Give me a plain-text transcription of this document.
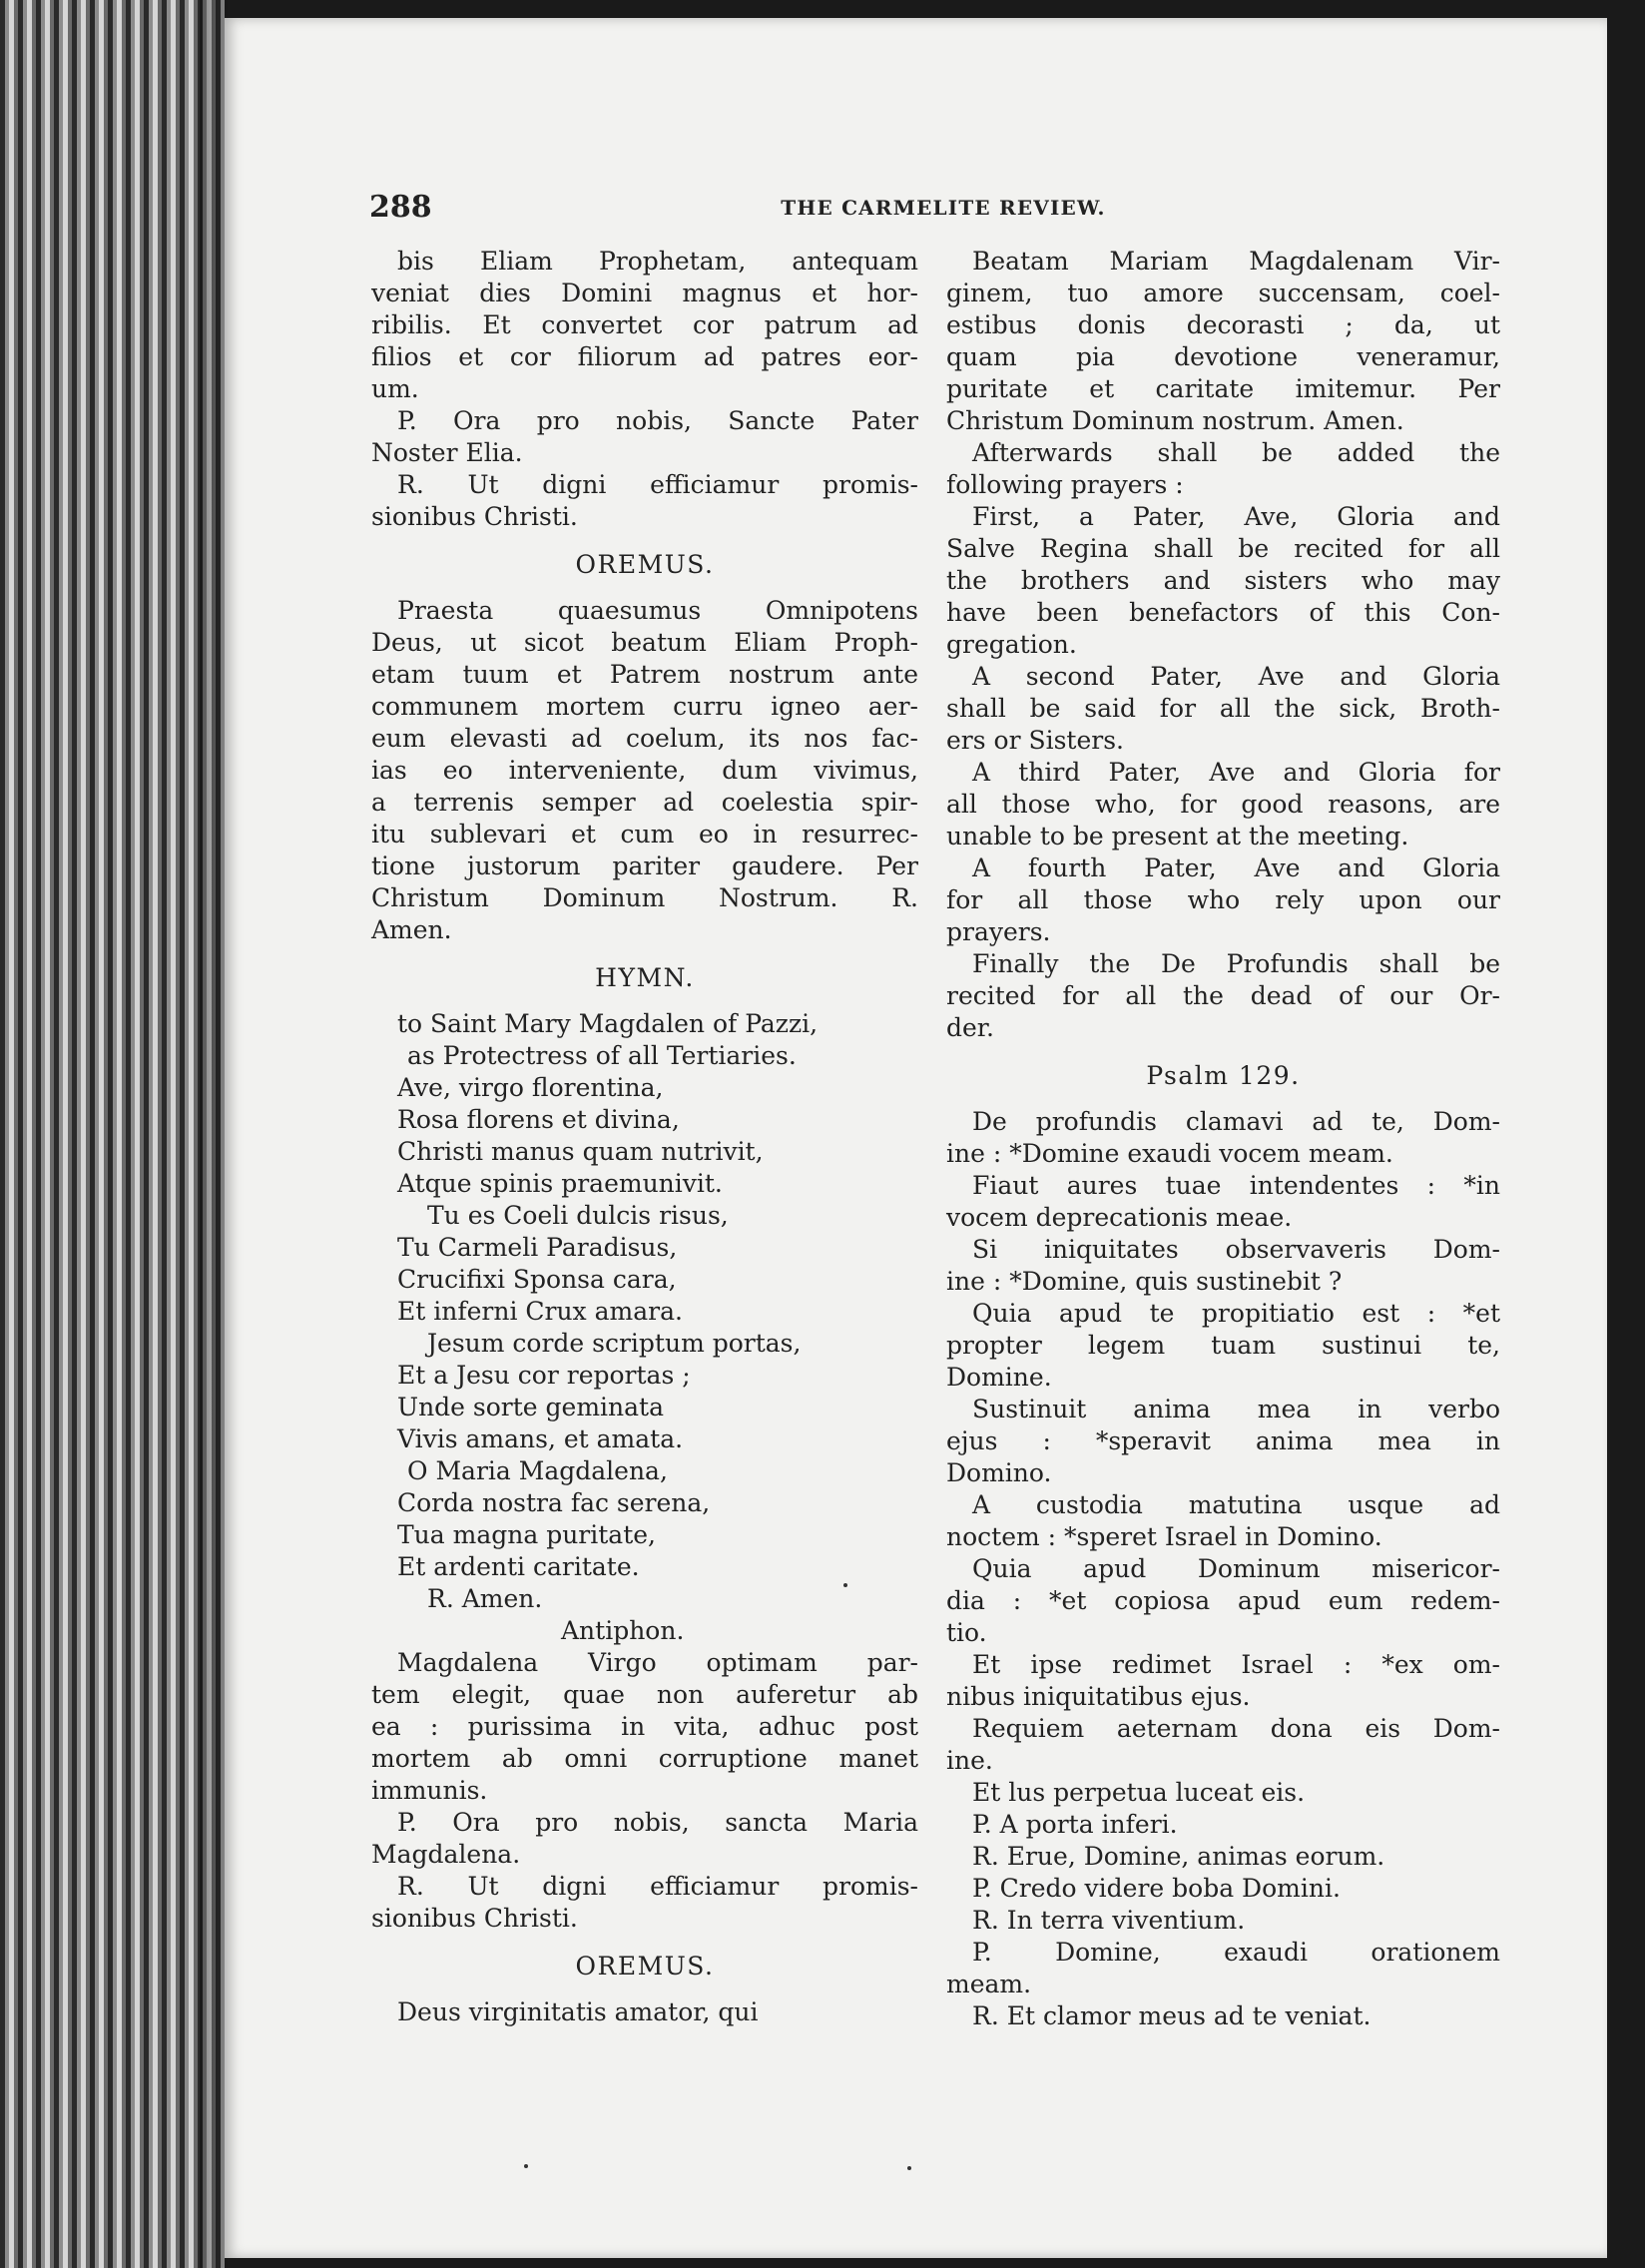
288	THE CARMELITE REVIEW.
bis Eliam Prophetam, antequam
veniat dies Domini magnus et hor-
ribilis. Et convertet cor patrum ad
filios et cor filiorum ad patres eor-
um.
P. Ora pro nobis, Sancte Pater
Noster Elia.
R. Ut digni efficiamur promis-
sionibus Christi.
OREMUS.
Praesta quaesumus Omnipotens
Deus, ut sicot beatum Eliam Proph-
etam tuum et Patrem nostrum ante
communem mortem curru igneo aer-
eum elevasti ad coelum, its nos fac-
ias eo interveniente, dum vivimus,
a terrenis semper ad coelestia spir-
itu sublevari et cum eo in resurrec-
tione justorum pariter gaudere. Per
Christum Dominum Nostrum. R.
Amen.
HYMN.
to Saint Mary Magdalen of Pazzi,
as Protectress of all Tertiaries.
Ave, virgo florentina,
Rosa florens et divina,
Christi manus quam nutrivit,
Atque spinis praemunivit.
Tu es Coeli dulcis risus,
Tu Carmeli Paradisus,
Crucifixi Sponsa cara,
Et inferni Crux amara.
Jesum corde scriptum portas,
Et a Jesu cor reportas ;
Unde sorte geminata
Vivis amans, et amata.
O Maria Magdalena,
Corda nostra fac serena,
Tua magna puritate,
Et ardenti caritate.
R. Amen.
Antiphon.
Magdalena Virgo optimam par-
tem elegit, quae non auferetur ab
ea : purissima in vita, adhuc post
mortem ab omni corruptione manet
immunis.
P. Ora pro nobis, sancta Maria
Magdalena.
R. Ut digni efficiamur promis-
sionibus Christi.
OREMUS.
Deus virginitatis amator, qui
Beatam Mariam Magdalenam Vir-
ginem, tuo amore succensam, coel-
estibus donis decorasti ; da, ut
quam pia devotione veneramur,
puritate et caritate imitemur. Per
Christum Dominum nostrum. Amen.
Afterwards shall be added the
following prayers :
First, a Pater, Ave, Gloria and
Salve Regina shall be recited for all
the brothers and sisters who may
have been benefactors of this Con-
gregation.
A second Pater, Ave and Gloria
shall be said for all the sick, Broth-
ers or Sisters.
A third Pater, Ave and Gloria for
all those who, for good reasons, are
unable to be present at the meeting.
A fourth Pater, Ave and Gloria
for all those who rely upon our
prayers.
Finally the De Profundis shall be
recited for all the dead of our Or-
der.
Psalm 129.
De profundis clamavi ad te, Dom-
ine : *Domine exaudi vocem meam.
Fiaut aures tuae intendentes : *in
vocem deprecationis meae.
Si iniquitates observaveris Dom-
ine : *Domine, quis sustinebit ?
Quia apud te propitiatio est : *et
propter legem tuam sustinui te,
Domine.
Sustinuit anima mea in verbo
ejus : *speravit anima mea in
Domino.
A custodia matutina usque ad
noctem : *speret Israel in Domino.
Quia apud Dominum misericor-
dia : *et copiosa apud eum redem-
tio.
Et ipse redimet Israel : *ex om-
nibus iniquitatibus ejus.
Requiem aeternam dona eis Dom-
ine.
Et lus perpetua luceat eis.
P. A porta inferi.
R. Erue, Domine, animas eorum.
P. Credo videre boba Domini.
R. In terra viventium.
P. Domine, exaudi orationem
meam.
R. Et clamor meus ad te veniat.
